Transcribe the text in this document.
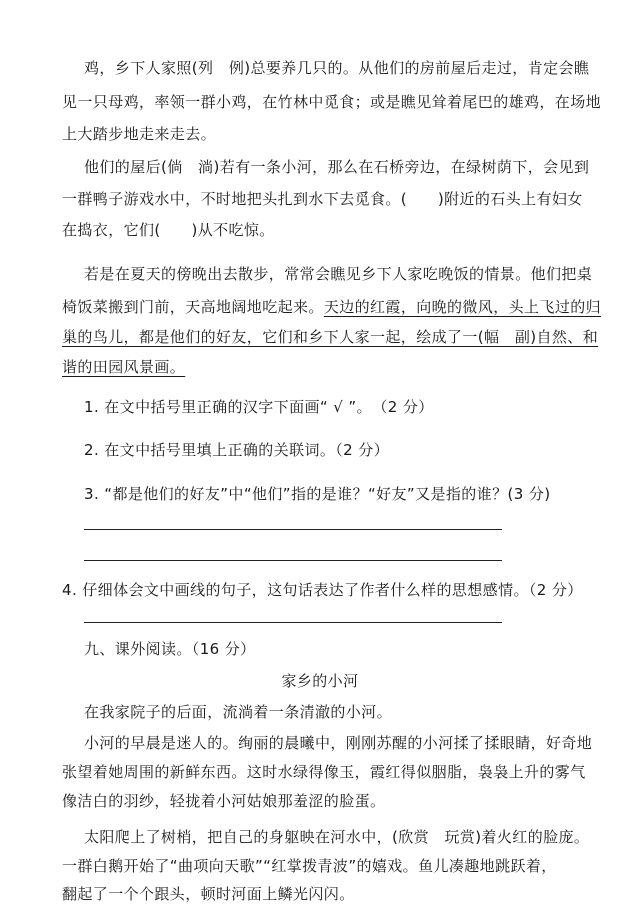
鸡，乡下人家照(列　例)总要养几只的。从他们的房前屋后走过，肯定会瞧
见一只母鸡，率领一群小鸡，在竹林中觅食；或是瞧见耸着尾巴的雄鸡，在场地
上大踏步地走来走去。
他们的屋后(倘　淌)若有一条小河，那么在石桥旁边，在绿树荫下，会见到
一群鸭子游戏水中，不时地把头扎到水下去觅食。(　　)附近的石头上有妇女
在捣衣，它们(　　)从不吃惊。
若是在夏天的傍晚出去散步，常常会瞧见乡下人家吃晚饭的情景。他们把桌
椅饭菜搬到门前，天高地阔地吃起来。天边的红霞，向晚的微风，头上飞过的归
巢的鸟儿，都是他们的好友，它们和乡下人家一起，绘成了一(幅　副)自然、和
谐的田园风景画。
1. 在文中括号里正确的汉字下面画“ √ ”。　（2 分）
2. 在文中括号里填上正确的关联词。（2 分）
3. “都是他们的好友”中“他们”指的是谁？“好友”又是指的谁？(3 分)
4. 仔细体会文中画线的句子，这句话表达了作者什么样的思想感情。（2 分）
九、课外阅读。（16 分）
家乡的小河
在我家院子的后面，流淌着一条清澈的小河。
小河的早晨是迷人的。绚丽的晨曦中，刚刚苏醒的小河揉了揉眼睛，好奇地
张望着她周围的新鲜东西。这时水绿得像玉，霞红得似胭脂，袅袅上升的雾气
像洁白的羽纱，轻拢着小河姑娘那羞涩的脸蛋。
太阳爬上了树梢，把自己的身躯映在河水中，(欣赏　玩赏)着火红的脸庞。
一群白鹅开始了“曲项向天歌”“红掌拨青波”的嬉戏。鱼儿凑趣地跳跃着，
翻起了一个个跟头，顿时河面上鳞光闪闪。
